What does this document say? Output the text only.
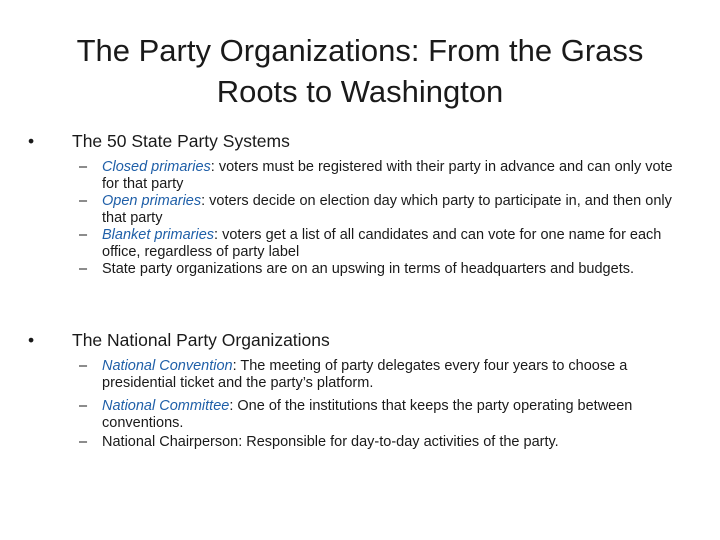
The Party Organizations: From the Grass Roots to Washington
• The 50 State Party Systems
– Closed primaries: voters must be registered with their party in advance and can only vote for that party
– Open primaries: voters decide on election day which party to participate in, and then only that party
– Blanket primaries: voters get a list of all candidates and can vote for one name for each office, regardless of party label
– State party organizations are on an upswing in terms of headquarters and budgets.
• The National Party Organizations
– National Convention: The meeting of party delegates every four years to choose a presidential ticket and the party’s platform.
– National Committee: One of the institutions that keeps the party operating between conventions.
– National Chairperson: Responsible for day-to-day activities of the party.
